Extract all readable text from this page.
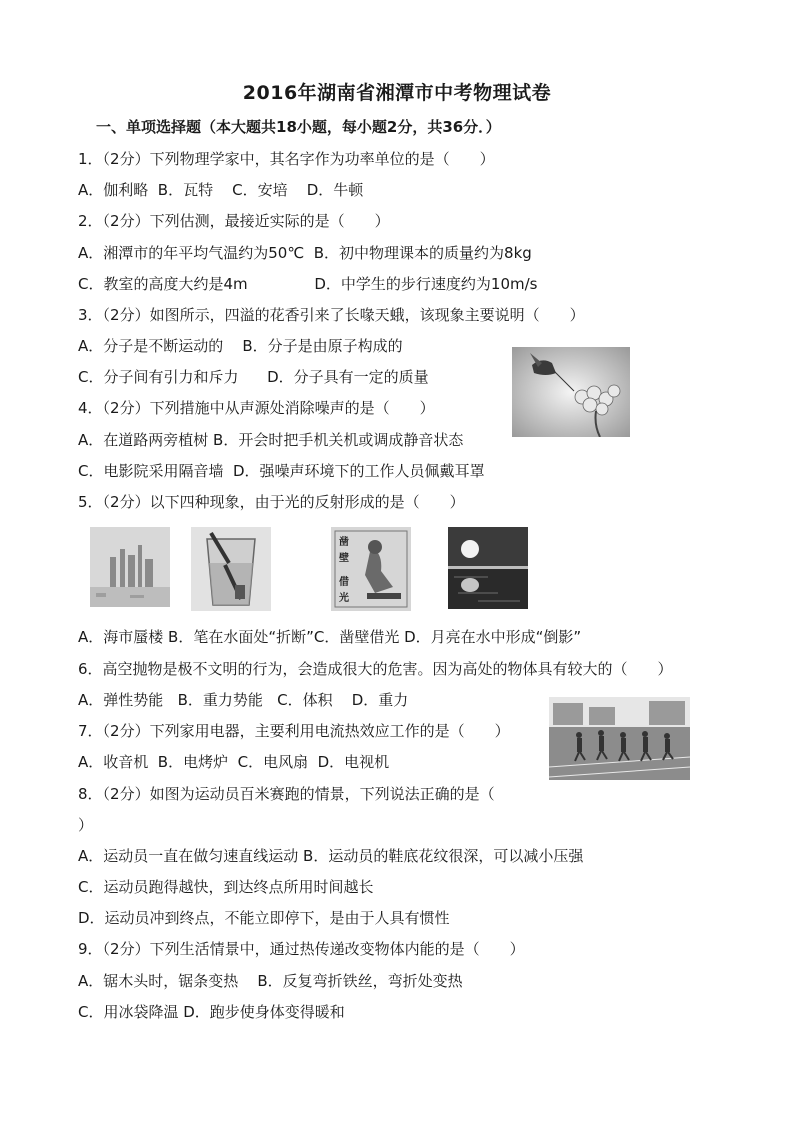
2016年湖南省湘潭市中考物理试卷
一、单项选择题（本大题共18小题，每小题2分，共36分．）
1．（2分）下列物理学家中，其名字作为功率单位的是（　　）
A．伽利略  B．瓦特    C．安培    D．牛顿
2．（2分）下列估测，最接近实际的是（　　）
A．湘潭市的年平均气温约为50℃  B．初中物理课本的质量约为8kg
C．教室的高度大约是4m              D．中学生的步行速度约为10m/s
3．（2分）如图所示，四溢的花香引来了长喙天蛾，该现象主要说明（　　）
A．分子是不断运动的    B．分子是由原子构成的
C．分子间有引力和斥力      D．分子具有一定的质量
4．（2分）下列措施中从声源处消除噪声的是（　　）
A．在道路两旁植树 B．开会时把手机关机或调成静音状态
C．电影院采用隔音墙  D．强噪声环境下的工作人员佩戴耳罩
5．（2分）以下四种现象，由于光的反射形成的是（　　）
A．海市蜃楼 B．笔在水面处“折断”C．凿壁借光 D．月亮在水中形成“倒影”
6．高空抛物是极不文明的行为，会造成很大的危害。因为高处的物体具有较大的（　　）
A．弹性势能   B．重力势能   C．体积    D．重力
7．（2分）下列家用电器，主要利用电流热效应工作的是（　　）
A．收音机  B．电烤炉  C．电风扇  D．电视机
8．（2分）如图为运动员百米赛跑的情景，下列说法正确的是（
）
A．运动员一直在做匀速直线运动 B．运动员的鞋底花纹很深，可以减小压强
C．运动员跑得越快，到达终点所用时间越长
D．运动员冲到终点，不能立即停下，是由于人具有惯性
9．（2分）下列生活情景中，通过热传递改变物体内能的是（　　）
A．锯木头时，锯条变热    B．反复弯折铁丝，弯折处变热
C．用冰袋降温 D．跑步使身体变得暖和
凿
壁
借
光
